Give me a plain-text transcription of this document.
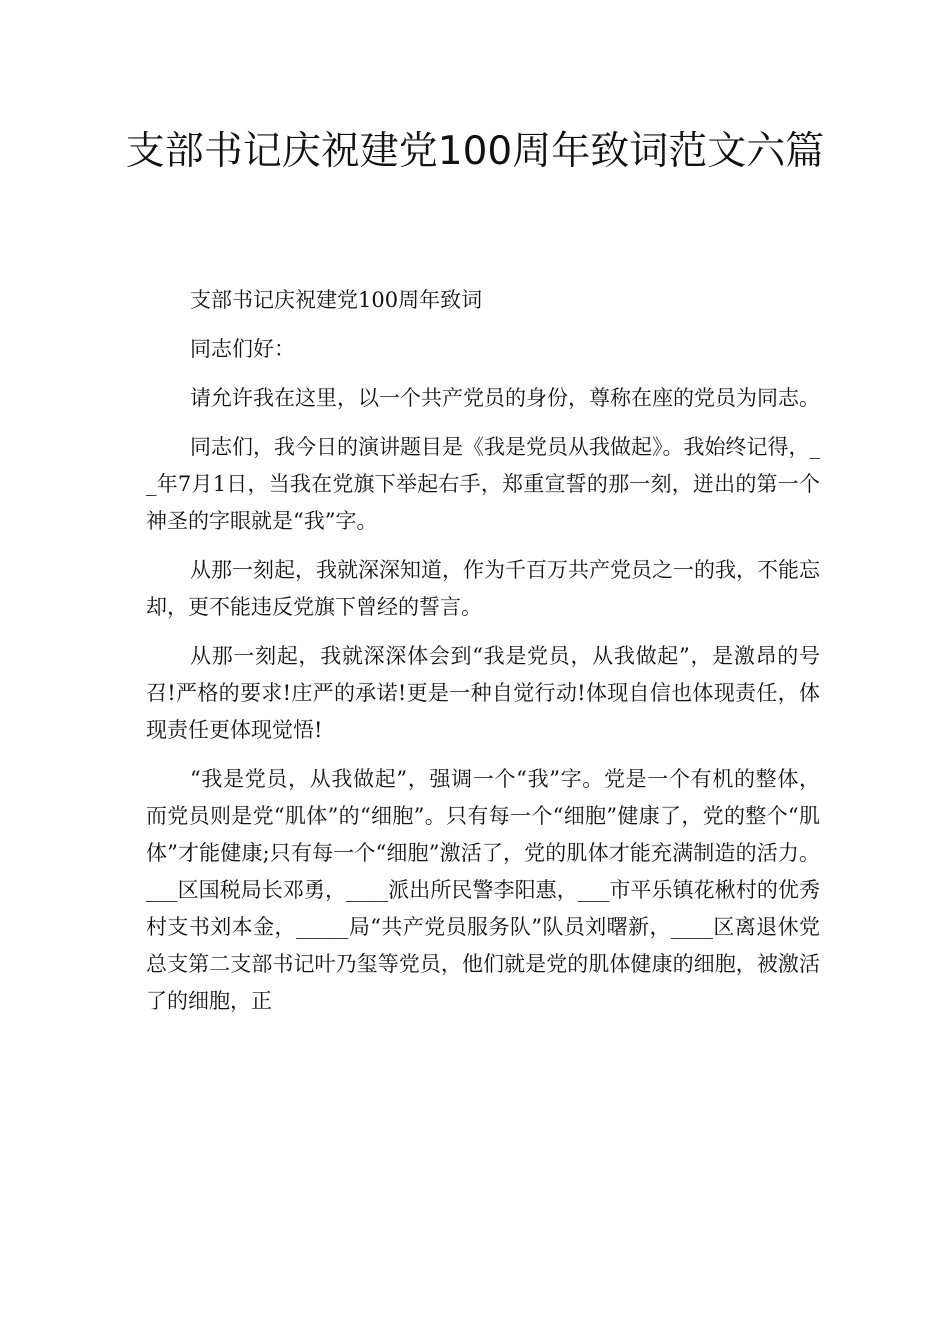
支部书记庆祝建党100周年致词范文六篇

支部书记庆祝建党100周年致词

同志们好：

请允许我在这里，以一个共产党员的身份，尊称在座的党员为同志。

同志们，我今日的演讲题目是《我是党员从我做起》。我始终记得，__年7月1日，当我在党旗下举起右手，郑重宣誓的那一刻，迸出的第一个神圣的字眼就是“我”字。

从那一刻起，我就深深知道，作为千百万共产党员之一的我，不能忘却，更不能违反党旗下曾经的誓言。

从那一刻起，我就深深体会到“我是党员，从我做起”，是激昂的号召!严格的要求!庄严的承诺!更是一种自觉行动!体现自信也体现责任，体现责任更体现觉悟!

“我是党员，从我做起”，强调一个“我”字。党是一个有机的整体，而党员则是党“肌体”的“细胞”。只有每一个“细胞”健康了，党的整个“肌体”才能健康;只有每一个“细胞”激活了，党的肌体才能充满制造的活力。___区国税局长邓勇，____派出所民警李阳惠，___市平乐镇花楸村的优秀村支书刘本金，_____局“共产党员服务队”队员刘曙新，____区离退休党总支第二支部书记叶乃玺等党员，他们就是党的肌体健康的细胞，被激活了的细胞，正
